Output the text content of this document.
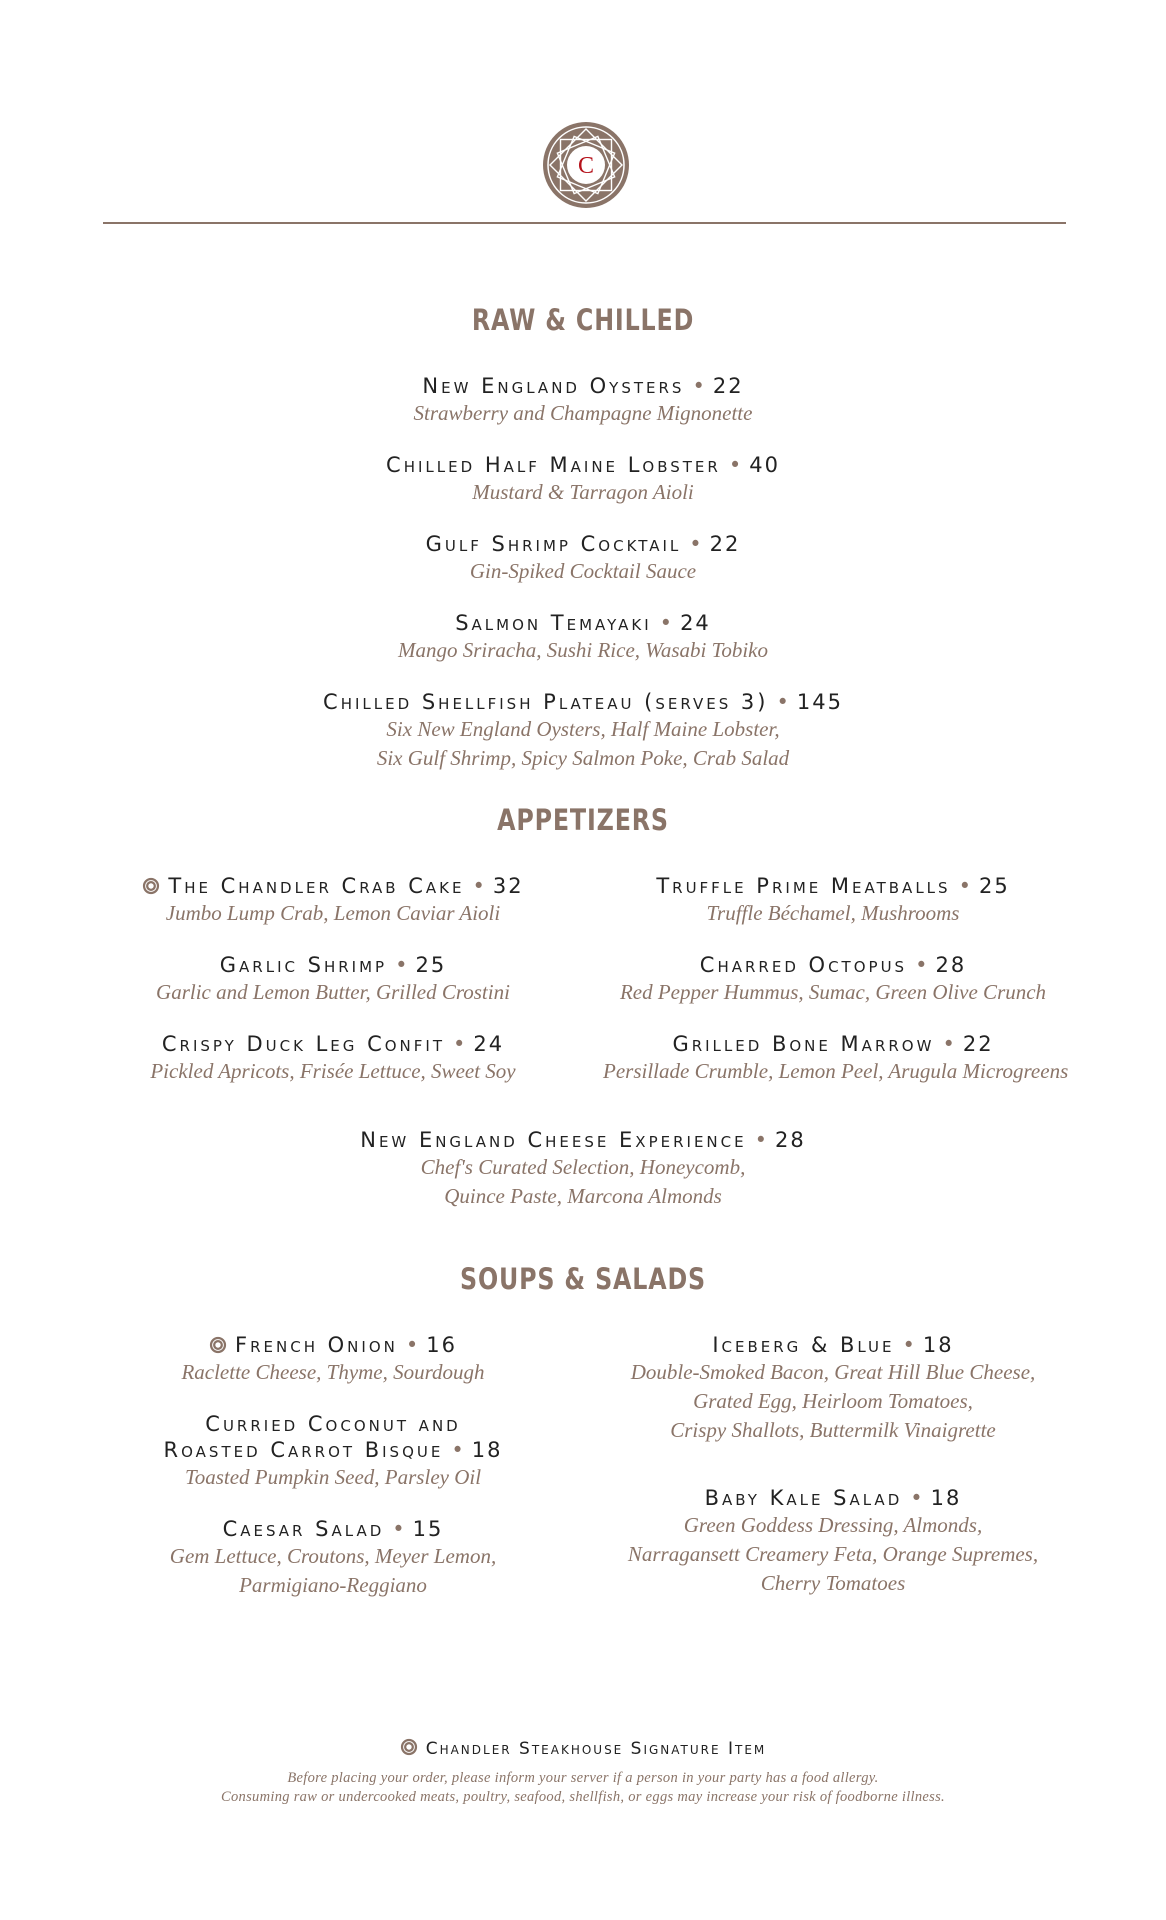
C
RAW & CHILLED
New England Oysters • 22
Strawberry and Champagne Mignonette
Chilled Half Maine Lobster • 40
Mustard & Tarragon Aioli
Gulf Shrimp Cocktail • 22
Gin-Spiked Cocktail Sauce
Salmon Temayaki • 24
Mango Sriracha, Sushi Rice, Wasabi Tobiko
Chilled Shellfish Plateau (serves 3) • 145
Six New England Oysters, Half Maine Lobster,
Six Gulf Shrimp, Spicy Salmon Poke, Crab Salad
APPETIZERS
The Chandler Crab Cake • 32
Jumbo Lump Crab, Lemon Caviar Aioli
Truffle Prime Meatballs • 25
Truffle Béchamel, Mushrooms
Garlic Shrimp • 25
Garlic and Lemon Butter, Grilled Crostini
Charred Octopus • 28
Red Pepper Hummus, Sumac, Green Olive Crunch
Crispy Duck Leg Confit • 24
Pickled Apricots, Frisée Lettuce, Sweet Soy
Grilled Bone Marrow • 22
Persillade Crumble, Lemon Peel, Arugula Microgreens
New England Cheese Experience • 28
Chef's Curated Selection, Honeycomb,
Quince Paste, Marcona Almonds
SOUPS & SALADS
French Onion • 16
Raclette Cheese, Thyme, Sourdough
Iceberg & Blue • 18
Double-Smoked Bacon, Great Hill Blue Cheese,
Grated Egg, Heirloom Tomatoes,
Crispy Shallots, Buttermilk Vinaigrette
Curried Coconut and
Roasted Carrot Bisque • 18
Toasted Pumpkin Seed, Parsley Oil
Baby Kale Salad • 18
Green Goddess Dressing, Almonds,
Narragansett Creamery Feta, Orange Supremes,
Cherry Tomatoes
Caesar Salad • 15
Gem Lettuce, Croutons, Meyer Lemon,
Parmigiano-Reggiano
Chandler Steakhouse Signature Item
Before placing your order, please inform your server if a person in your party has a food allergy.
Consuming raw or undercooked meats, poultry, seafood, shellfish, or eggs may increase your risk of foodborne illness.
